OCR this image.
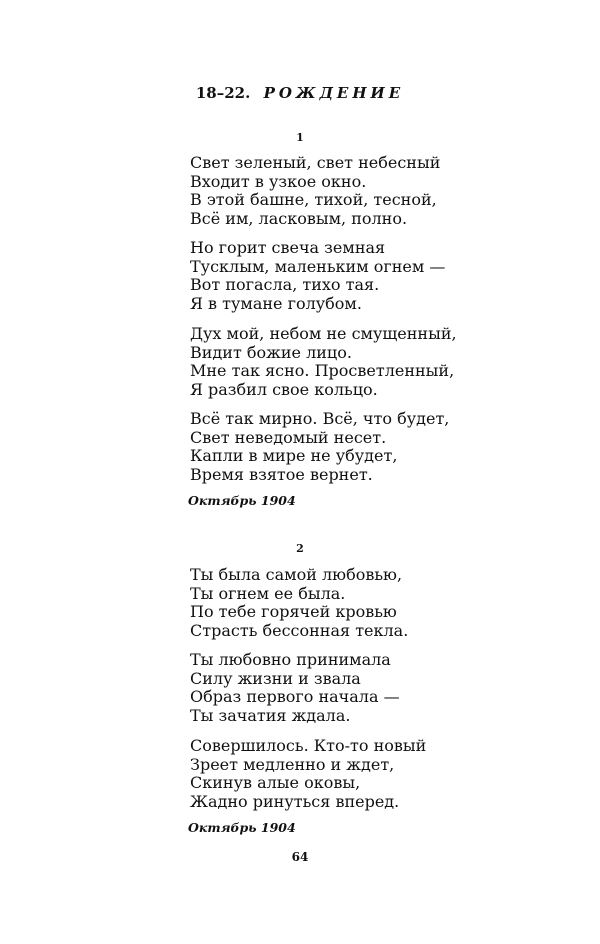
18–22. РОЖДЕНИЕ
1
Свет зеленый, свет небесный
Входит в узкое окно.
В этой башне, тихой, тесной,
Всё им, ласковым, полно.
Но горит свеча земная
Тусклым, маленьким огнем —
Вот погасла, тихо тая.
Я в тумане голубом.
Дух мой, небом не смущенный,
Видит божие лицо.
Мне так ясно. Просветленный,
Я разбил свое кольцо.
Всё так мирно. Всё, что будет,
Свет неведомый несет.
Капли в мире не убудет,
Время взятое вернет.
Октябрь 1904
2
Ты была самой любовью,
Ты огнем ее была.
По тебе горячей кровью
Страсть бессонная текла.
Ты любовно принимала
Силу жизни и звала
Образ первого начала —
Ты зачатия ждала.
Совершилось. Кто-то новый
Зреет медленно и ждет,
Скинув алые оковы,
Жадно ринуться вперед.
Октябрь 1904
64
